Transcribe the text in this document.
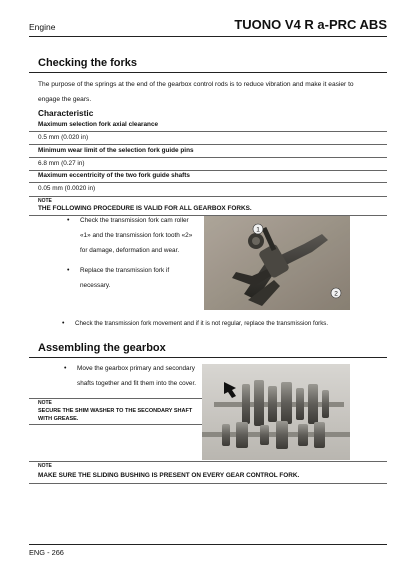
Engine	TUONO V4 R a-PRC ABS
Checking the forks
The purpose of the springs at the end of the gearbox control rods is to reduce vibration and make it easier to engage the gears.
Characteristic
Maximum selection fork axial clearance
0.5 mm (0.020 in)
Minimum wear limit of the selection fork guide pins
6.8 mm (0.27 in)
Maximum eccentricity of the two fork guide shafts
0.05 mm (0.0020 in)
NOTE
THE FOLLOWING PROCEDURE IS VALID FOR ALL GEARBOX FORKS.
• Check the transmission fork cam roller «1» and the transmission fork tooth «2» for damage, deformation and wear.
• Replace the transmission fork if necessary.
1
2
• Check the transmission fork movement and if it is not regular, replace the transmission forks.
Assembling the gearbox
• Move the gearbox primary and secondary shafts together and fit them into the cover.
NOTE
SECURE THE SHIM WASHER TO THE SECONDARY SHAFT WITH GREASE.
NOTE
MAKE SURE THE SLIDING BUSHING IS PRESENT ON EVERY GEAR CONTROL FORK.
ENG - 266
